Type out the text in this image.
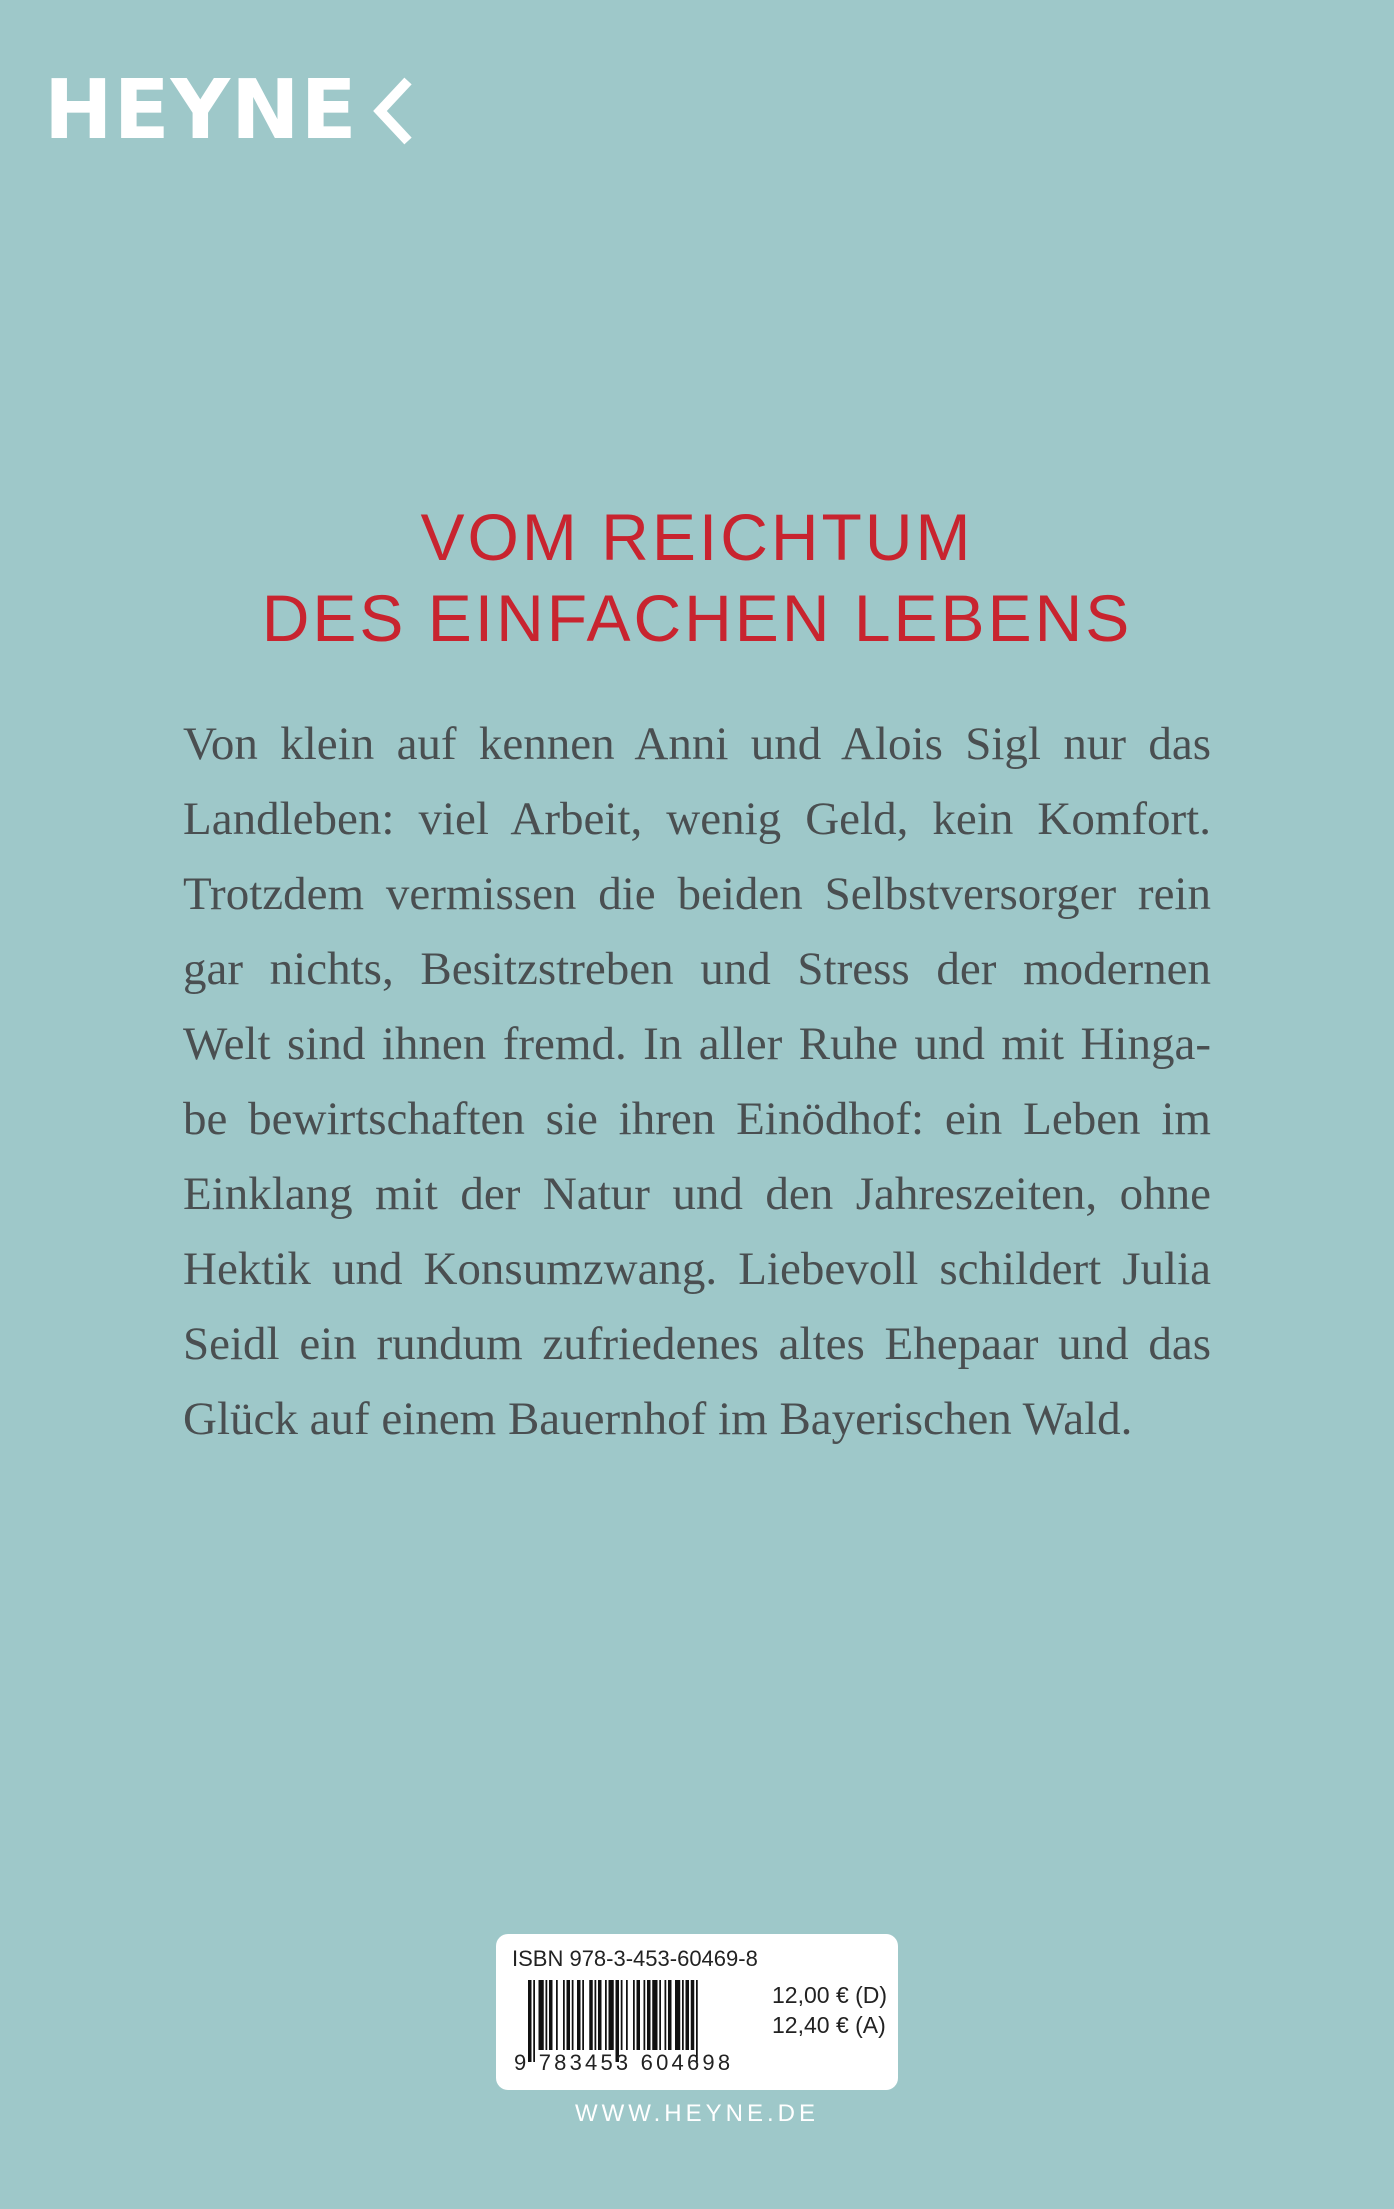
HEYNE
VOM REICHTUM
DES EINFACHEN LEBENS
Von klein auf kennen Anni und Alois Sigl nur das
Landleben: viel Arbeit, wenig Geld, kein Komfort.
Trotzdem vermissen die beiden Selbstversorger rein
gar nichts, Besitzstreben und Stress der modernen
Welt sind ihnen fremd. In aller Ruhe und mit Hinga-
be bewirtschaften sie ihren Einödhof: ein Leben im
Einklang mit der Natur und den Jahreszeiten, ohne
Hektik und Konsumzwang. Liebevoll schildert Julia
Seidl ein rundum zufriedenes altes Ehepaar und das
Glück auf einem Bauernhof im Bayerischen Wald.
ISBN 978-3-453-60469-8
9 783453 604698
12,00 € (D)
12,40 € (A)
WWW.HEYNE.DE
